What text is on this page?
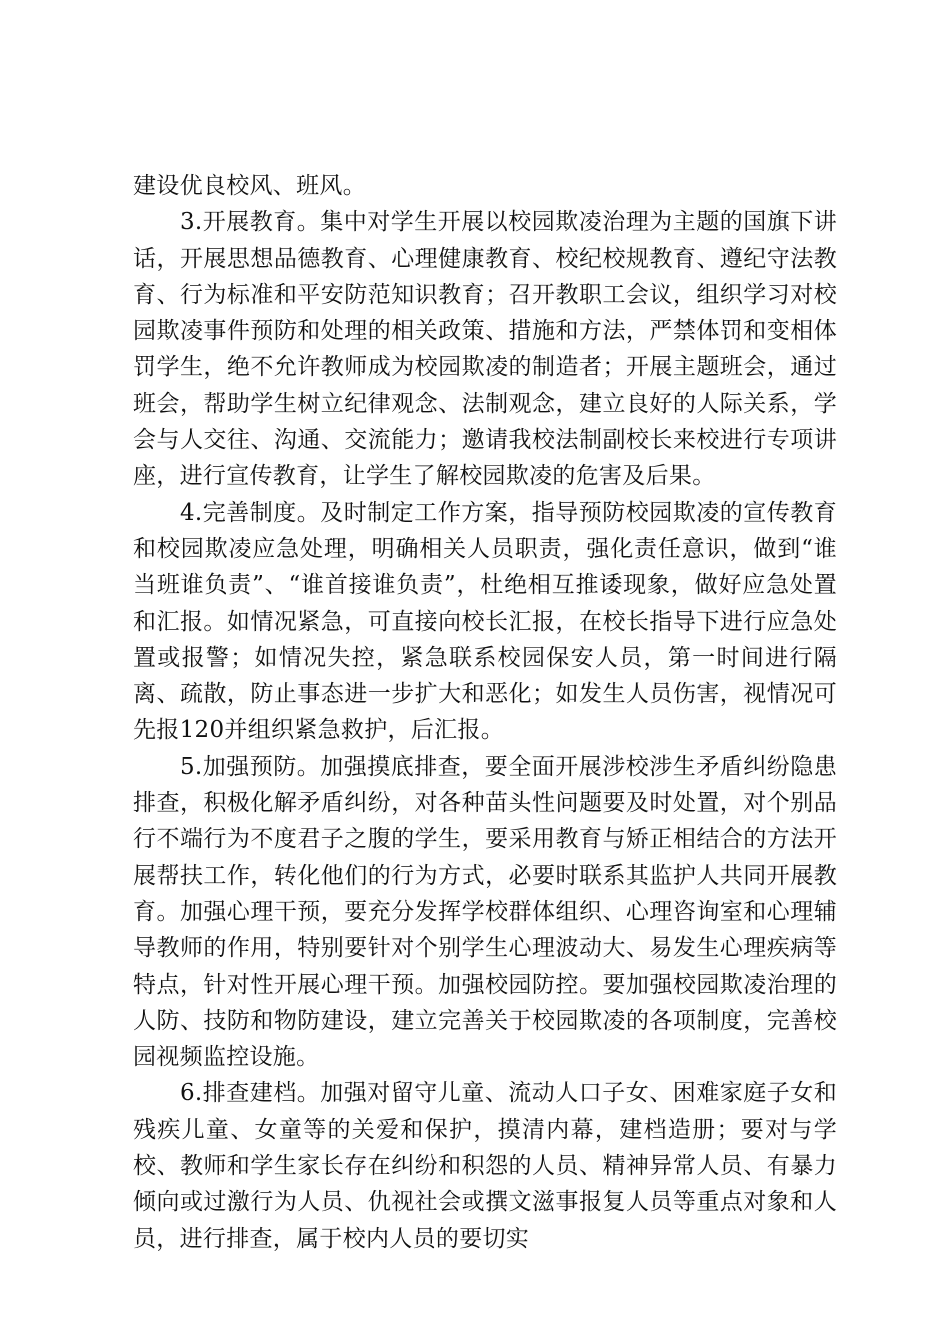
建设优良校风、班风。

3.开展教育。集中对学生开展以校园欺凌治理为主题的国旗下讲话，开展思想品德教育、心理健康教育、校纪校规教育、遵纪守法教育、行为标准和平安防范知识教育；召开教职工会议，组织学习对校园欺凌事件预防和处理的相关政策、措施和方法，严禁体罚和变相体罚学生，绝不允许教师成为校园欺凌的制造者；开展主题班会，通过班会，帮助学生树立纪律观念、法制观念，建立良好的人际关系，学会与人交往、沟通、交流能力；邀请我校法制副校长来校进行专项讲座，进行宣传教育，让学生了解校园欺凌的危害及后果。

4.完善制度。及时制定工作方案，指导预防校园欺凌的宣传教育和校园欺凌应急处理，明确相关人员职责，强化责任意识，做到“谁当班谁负责”、“谁首接谁负责”，杜绝相互推诿现象，做好应急处置和汇报。如情况紧急，可直接向校长汇报，在校长指导下进行应急处置或报警；如情况失控，紧急联系校园保安人员，第一时间进行隔离、疏散，防止事态进一步扩大和恶化；如发生人员伤害，视情况可先报120并组织紧急救护，后汇报。

5.加强预防。加强摸底排查，要全面开展涉校涉生矛盾纠纷隐患排查，积极化解矛盾纠纷，对各种苗头性问题要及时处置，对个别品行不端行为不度君子之腹的学生，要采用教育与矫正相结合的方法开展帮扶工作，转化他们的行为方式，必要时联系其监护人共同开展教育。加强心理干预，要充分发挥学校群体组织、心理咨询室和心理辅导教师的作用，特别要针对个别学生心理波动大、易发生心理疾病等特点，针对性开展心理干预。加强校园防控。要加强校园欺凌治理的人防、技防和物防建设，建立完善关于校园欺凌的各项制度，完善校园视频监控设施。

6.排查建档。加强对留守儿童、流动人口子女、困难家庭子女和残疾儿童、女童等的关爱和保护，摸清内幕，建档造册；要对与学校、教师和学生家长存在纠纷和积怨的人员、精神异常人员、有暴力倾向或过激行为人员、仇视社会或撰文滋事报复人员等重点对象和人员，进行排查，属于校内人员的要切实
